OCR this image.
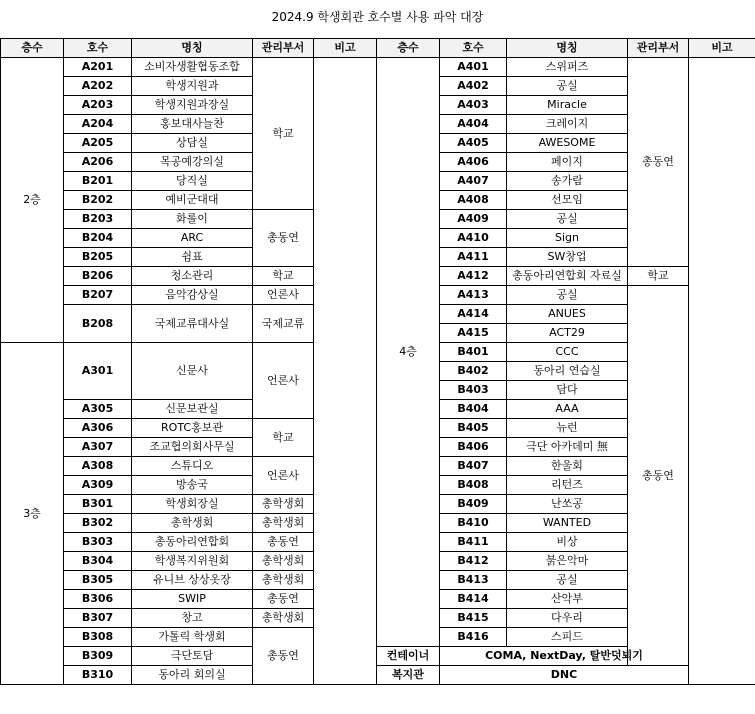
2024.9 학생회관 호수별 사용 파악 대장
층수	호수	명칭	관리부서	비고	층수	호수	명칭	관리부서	비고
2층	A201	소비자생활협동조합	학교		4층	A401	스위퍼즈	총동연	
	A202	학생지원과				A402	공실		
	A203	학생지원과장실				A403	Miracle		
	A204	홍보대사늘찬				A404	크레이지		
	A205	상담실				A405	AWESOME		
	A206	목공예강의실				A406	페이지		
	B201	당직실				A407	송가람		
	B202	예비군대대				A408	선모임		
	B203	화롤이	총동연			A409	공실		
	B204	ARC				A410	Sign		
	B205	쉼표				A411	SW창업		
	B206	청소관리	학교			A412	총동아리연합회 자료실	학교	
	B207	음악감상실	언론사			A413	공실	총동연	
	B208	국제교류대사실	국제교류			A414	ANUES		
						A415	ACT29		
3층	A301	신문사	언론사			B401	CCC		
						B402	동아리 연습실		
						B403	담다		
	A305	신문보관실				B404	AAA		
	A306	ROTC홍보관	학교			B405	뉴런		
	A307	조교협의회사무실				B406	극단 아카데미 無		
	A308	스튜디오	언론사			B407	한울회		
	A309	방송국				B408	리턴즈		
	B301	학생회장실	총학생회			B409	난쏘공		
	B302	총학생회	총학생회			B410	WANTED		
	B303	총동아리연합회	총동연			B411	비상		
	B304	학생복지위원회	총학생회			B412	붉은악마		
	B305	유니브 상상옷장	총학생회			B413	공실		
	B306	SWIP	총동연			B414	산악부		
	B307	창고	총학생회			B415	다우리		
	B308	가톨릭 학생회	총동연			B416	스피드		
	B309	극단토담			컨테이너	COMA, NextDay, 탈반덧뵈기			
	B310	동아리 회의실			복지관	DNC			
